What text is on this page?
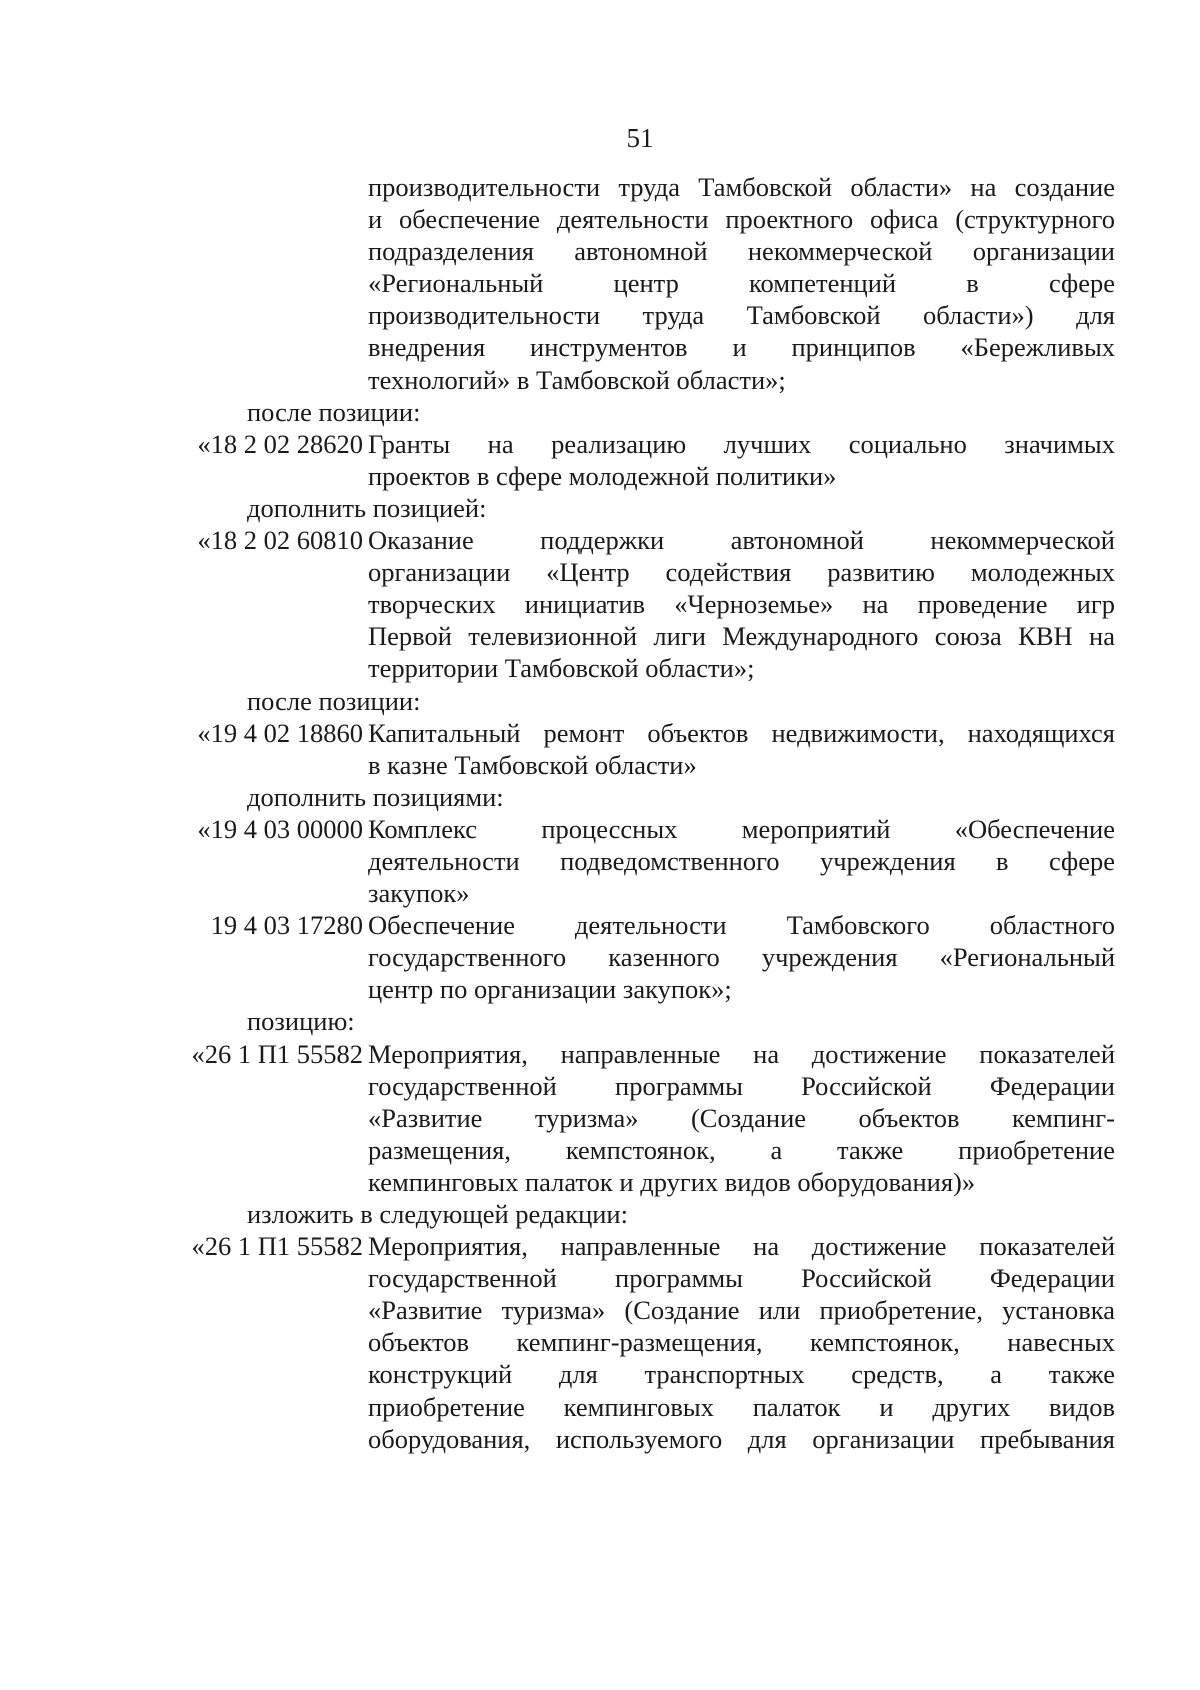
51
производительности труда Тамбовской области» на создание
и обеспечение деятельности проектного офиса (структурного
подразделения автономной некоммерческой организации
«Региональный центр компетенций в сфере
производительности труда Тамбовской области») для
внедрения инструментов и принципов «Бережливых
технологий» в Тамбовской области»;
после позиции:
«18 2 02 28620 Гранты на реализацию лучших социально значимых
проектов в сфере молодежной политики»
дополнить позицией:
«18 2 02 60810 Оказание поддержки автономной некоммерческой
организации «Центр содействия развитию молодежных
творческих инициатив «Черноземье» на проведение игр
Первой телевизионной лиги Международного союза КВН на
территории Тамбовской области»;
после позиции:
«19 4 02 18860 Капитальный ремонт объектов недвижимости, находящихся
в казне Тамбовской области»
дополнить позициями:
«19 4 03 00000 Комплекс процессных мероприятий «Обеспечение
деятельности подведомственного учреждения в сфере
закупок»
19 4 03 17280 Обеспечение деятельности Тамбовского областного
государственного казенного учреждения «Региональный
центр по организации закупок»;
позицию:
«26 1 П1 55582 Мероприятия, направленные на достижение показателей
государственной программы Российской Федерации
«Развитие туризма» (Создание объектов кемпинг-
размещения, кемпстоянок, а также приобретение
кемпинговых палаток и других видов оборудования)»
изложить в следующей редакции:
«26 1 П1 55582 Мероприятия, направленные на достижение показателей
государственной программы Российской Федерации
«Развитие туризма» (Создание или приобретение, установка
объектов кемпинг-размещения, кемпстоянок, навесных
конструкций для транспортных средств, а также
приобретение кемпинговых палаток и других видов
оборудования, используемого для организации пребывания
